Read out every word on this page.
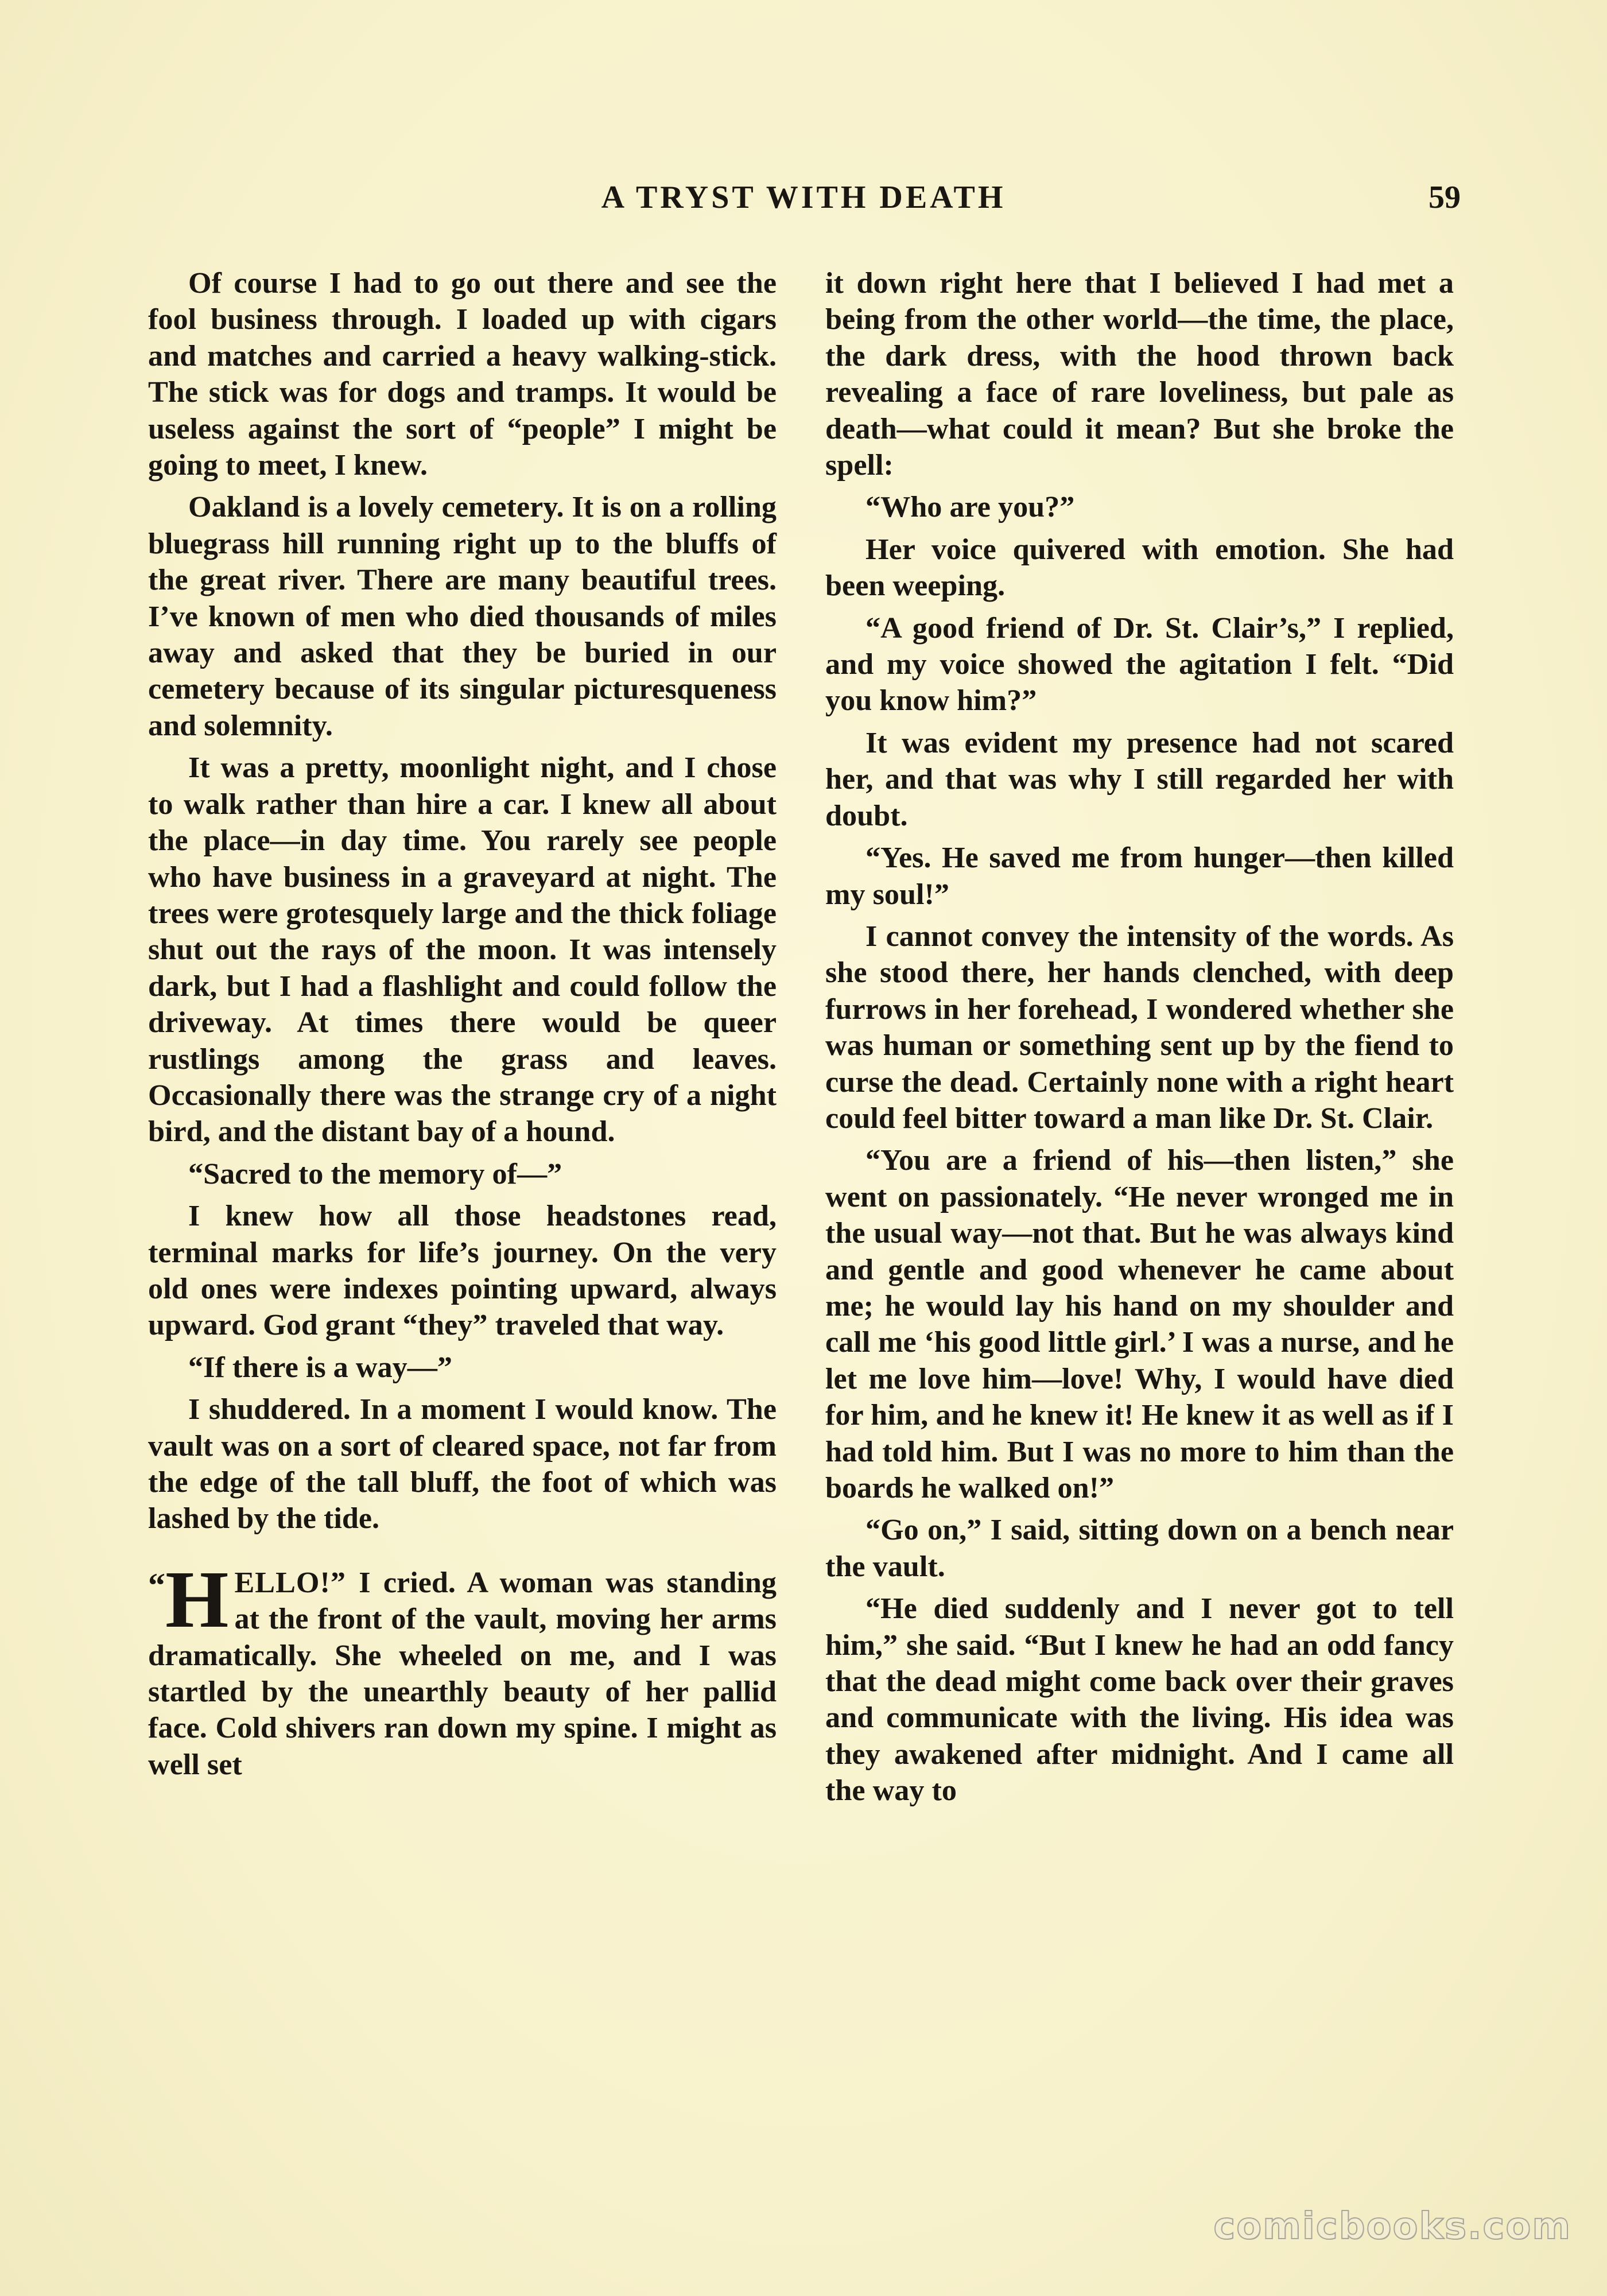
A TRYST WITH DEATH	59

Of course I had to go out there and see the fool business through. I loaded up with cigars and matches and carried a heavy walking-stick. The stick was for dogs and tramps. It would be useless against the sort of “people” I might be going to meet, I knew.

Oakland is a lovely cemetery. It is on a rolling bluegrass hill running right up to the bluffs of the great river. There are many beautiful trees. I’ve known of men who died thousands of miles away and asked that they be buried in our cemetery because of its singular picturesqueness and solemnity.

It was a pretty, moonlight night, and I chose to walk rather than hire a car. I knew all about the place—in day time. You rarely see people who have business in a graveyard at night. The trees were grotesquely large and the thick foliage shut out the rays of the moon. It was intensely dark, but I had a flashlight and could follow the driveway. At times there would be queer rustlings among the grass and leaves. Occasionally there was the strange cry of a night bird, and the distant bay of a hound.

“Sacred to the memory of—”

I knew how all those headstones read, terminal marks for life’s journey. On the very old ones were indexes pointing upward, always upward. God grant “they” traveled that way.

“If there is a way—”

I shuddered. In a moment I would know. The vault was on a sort of cleared space, not far from the edge of the tall bluff, the foot of which was lashed by the tide.

“H ELLO!” I cried. A woman was standing at the front of the vault, moving her arms dramatically. She wheeled on me, and I was startled by the unearthly beauty of her pallid face. Cold shivers ran down my spine. I might as well set

it down right here that I believed I had met a being from the other world—the time, the place, the dark dress, with the hood thrown back revealing a face of rare loveliness, but pale as death—what could it mean? But she broke the spell:

“Who are you?”

Her voice quivered with emotion. She had been weeping.

“A good friend of Dr. St. Clair’s,” I replied, and my voice showed the agitation I felt. “Did you know him?”

It was evident my presence had not scared her, and that was why I still regarded her with doubt.

“Yes. He saved me from hunger—then killed my soul!”

I cannot convey the intensity of the words. As she stood there, her hands clenched, with deep furrows in her forehead, I wondered whether she was human or something sent up by the fiend to curse the dead. Certainly none with a right heart could feel bitter toward a man like Dr. St. Clair.

“You are a friend of his—then listen,” she went on passionately. “He never wronged me in the usual way—not that. But he was always kind and gentle and good whenever he came about me; he would lay his hand on my shoulder and call me ‘his good little girl.’ I was a nurse, and he let me love him—love! Why, I would have died for him, and he knew it! He knew it as well as if I had told him. But I was no more to him than the boards he walked on!”

“Go on,” I said, sitting down on a bench near the vault.

“He died suddenly and I never got to tell him,” she said. “But I knew he had an odd fancy that the dead might come back over their graves and communicate with the living. His idea was they awakened after midnight. And I came all the way to

comicbooks.com
